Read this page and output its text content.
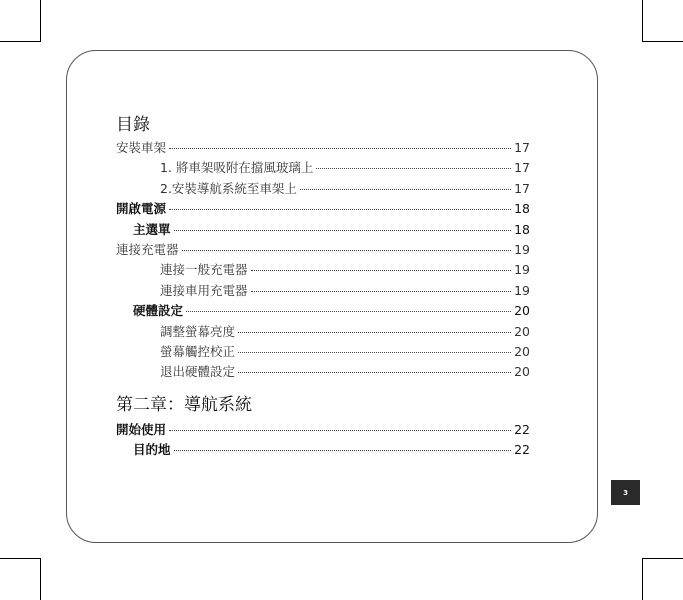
目錄
安裝車架	17
1. 將車架吸附在擋風玻璃上	17
2.安裝導航系統至車架上	17
開啟電源	18
主選單	18
連接充電器	19
連接一般充電器	19
連接車用充電器	19
硬體設定	20
調整螢幕亮度	20
螢幕觸控校正	20
退出硬體設定	20
第二章：導航系統
開始使用	22
目的地	22
3
